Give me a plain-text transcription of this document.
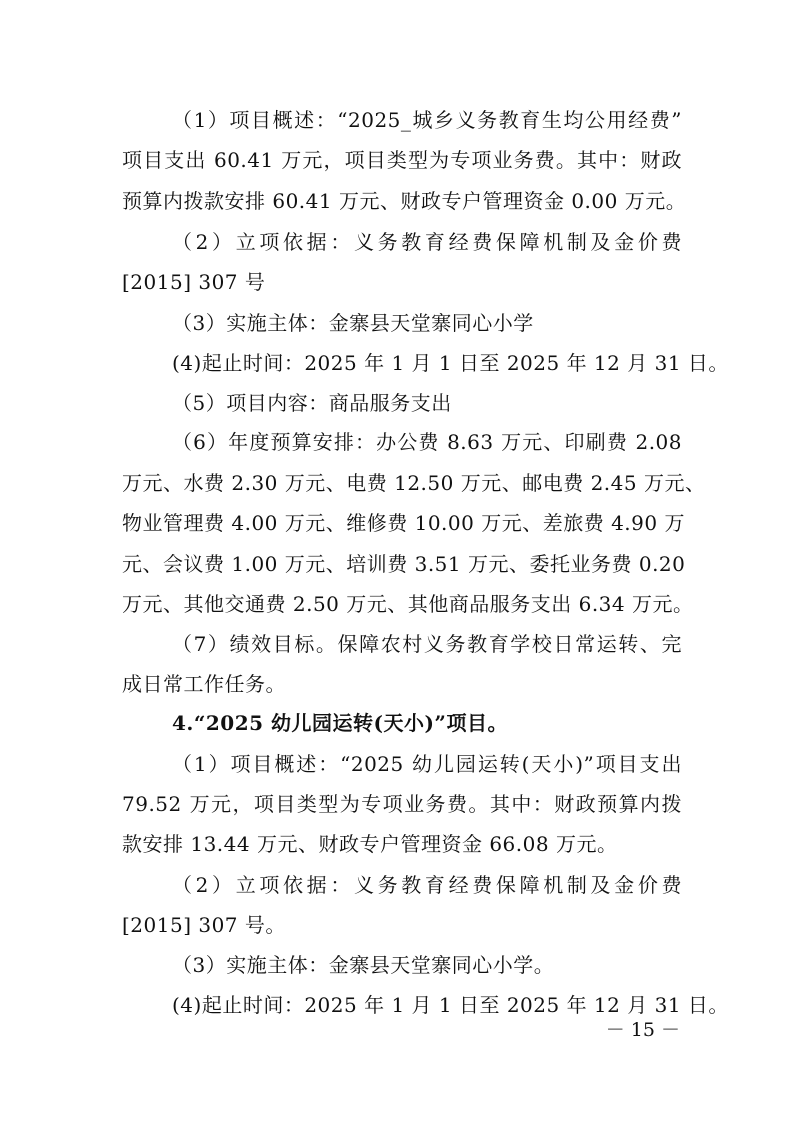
（1）项目概述：“2025_城乡义务教育生均公用经费”
项目支出 60.41 万元，项目类型为专项业务费。其中：财政
预算内拨款安排 60.41 万元、财政专户管理资金 0.00 万元。
（2）立项依据：义务教育经费保障机制及金价费
[2015] 307 号
（3）实施主体：金寨县天堂寨同心小学
(4)起止时间：2025 年 1 月 1 日至 2025 年 12 月 31 日。
（5）项目内容：商品服务支出
（6）年度预算安排：办公费 8.63 万元、印刷费 2.08
万元、水费 2.30 万元、电费 12.50 万元、邮电费 2.45 万元、
物业管理费 4.00 万元、维修费 10.00 万元、差旅费 4.90 万
元、会议费 1.00 万元、培训费 3.51 万元、委托业务费 0.20
万元、其他交通费 2.50 万元、其他商品服务支出 6.34 万元。
（7）绩效目标。保障农村义务教育学校日常运转、完
成日常工作任务。
4.“2025 幼儿园运转(天小)”项目。
（1）项目概述：“2025 幼儿园运转(天小)”项目支出
79.52 万元，项目类型为专项业务费。其中：财政预算内拨
款安排 13.44 万元、财政专户管理资金 66.08 万元。
（2）立项依据：义务教育经费保障机制及金价费
[2015] 307 号。
（3）实施主体：金寨县天堂寨同心小学。
(4)起止时间：2025 年 1 月 1 日至 2025 年 12 月 31 日。
－ 15 －
